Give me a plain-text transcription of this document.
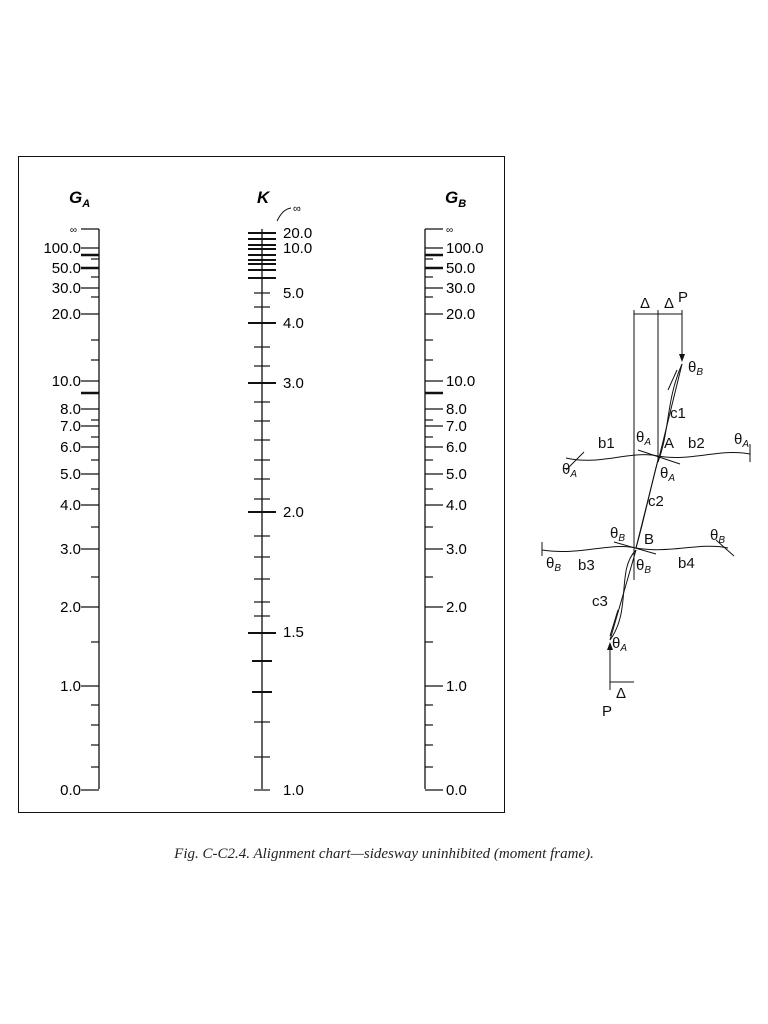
$G_A$	K	$G_B$
∞
∞
100.0
50.0
30.0
20.0
10.0
8.0
7.0
6.0
5.0
4.0
3.0
2.0
1.0
0.0
20.0
10.0
5.0
4.0
3.0
2.0
1.5
1.0
∞
100.0
50.0
30.0
20.0
10.0
8.0
7.0
6.0
5.0
4.0
3.0
2.0
1.0
0.0
Δ Δ P
$\theta_B$
c1
b1 $\theta_A$ A b2 $\theta_A$
$\theta_A$	$\theta_A$
c2
$\theta_B$ B	$\theta_B$
$\theta_B$ b3	$\theta_B$ b4
c3
$\theta_A$
P
Δ
Fig. C-C2.4. Alignment chart—sidesway uninhibited (moment frame).
